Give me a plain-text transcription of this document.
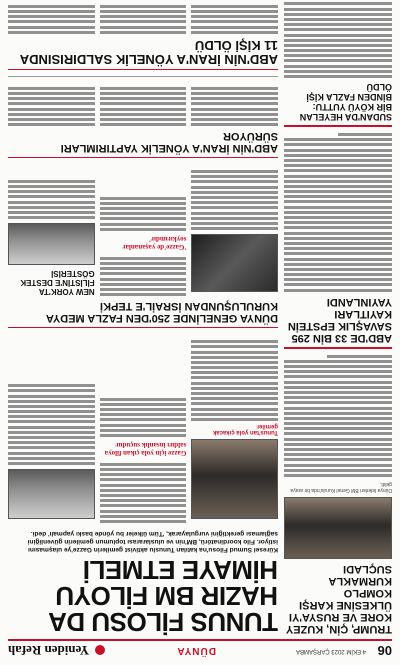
06
4 EKİM 2023 ÇARŞAMBA
DÜNYA
Yeniden Refah
TRUMP, ÇİN, KUZEY KORE VE RUSYA'YI ÜLKESİNE KARŞI KOMPLO KURMAKLA SUÇLADI
Dünya liderleri BM Genel Kurulu'nda bir araya geldi.
ABD'DE 33 BİN 295 SAVAŞLIK EPSTEİN KAYITLARI YAYINLANDI
SUDAN'DA HEYELAN BİR KÖYÜ YUTTU: BİNDEN FAZLA KİŞİ ÖLDÜ
TUNUS FİLOSU DA HAZIR BM FİLOYU HİMAYE ETMELİ
Küresel Sumud Filosu'na katılan Tunuslu aktivist gemilerin Gazze'ye ulaşmasını istiyor. Filo koordinatörü, BM'nin ve uluslararası toplumun gemilerin güvenliğini sağlaması gerektiğini vurgulayarak, 'Tüm ülkeler bu yönde baskı yapmalı' dedi.
Tunus'tan yola çıkacak gemiler
Gazze için yola çıkan filoya saldırı insanlık suçudur
DÜNYA GENELİNDE 250'DEN FAZLA MEDYA KURULUŞUNDAN İSRAİL'E TEPKİ
'Gazze'de yaşananlar soykırımdır'
NEW YORK'TA FİLİSTİN'E DESTEK GÖSTERİSİ
ABD'NİN İRAN'A YÖNELİK YAPTIRIMLARI SÜRÜYOR
ABD'NİN İRAN'A YÖNELİK SALDIRISINDA 11 KİŞİ ÖLDÜ
